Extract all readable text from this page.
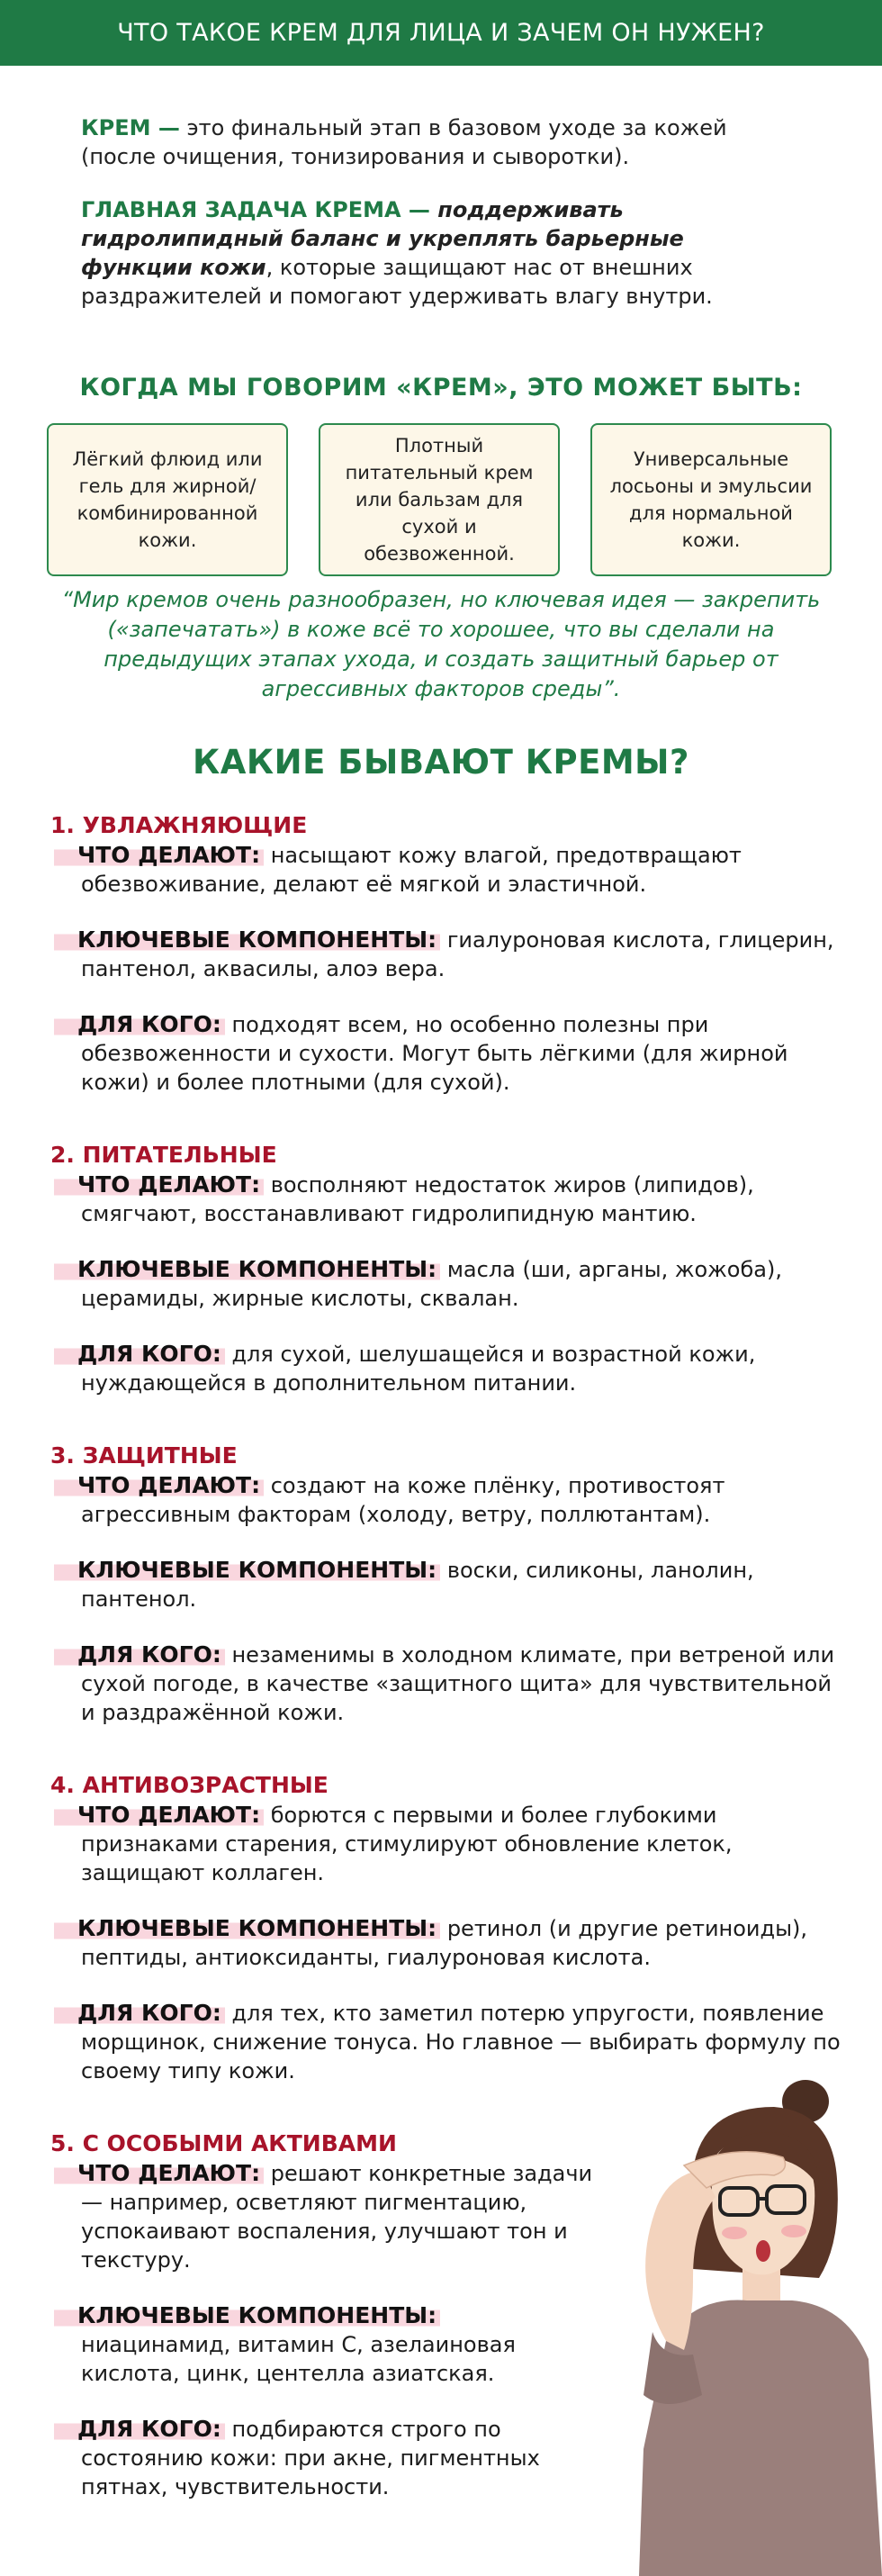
ЧТО ТАКОЕ КРЕМ ДЛЯ ЛИЦА И ЗАЧЕМ ОН НУЖЕН?

КРЕМ — это финальный этап в базовом уходе за кожей (после очищения, тонизирования и сыворотки).

ГЛАВНАЯ ЗАДАЧА КРЕМА — поддерживать гидролипидный баланс и укреплять барьерные функции кожи, которые защищают нас от внешних раздражителей и помогают удерживать влагу внутри.

КОГДА МЫ ГОВОРИМ «КРЕМ», ЭТО МОЖЕТ БЫТЬ:
Лёгкий флюид или гель для жирной/ комбинированной кожи.
Плотный питательный крем или бальзам для сухой и обезвоженной.
Универсальные лосьоны и эмульсии для нормальной кожи.
“Мир кремов очень разнообразен, но ключевая идея — закрепить («запечатать») в коже всё то хорошее, что вы сделали на предыдущих этапах ухода, и создать защитный барьер от агрессивных факторов среды”.
КАКИЕ БЫВАЮТ КРЕМЫ?
1. УВЛАЖНЯЮЩИЕ
ЧТО ДЕЛАЮТ: насыщают кожу влагой, предотвращают обезвоживание, делают её мягкой и эластичной.
КЛЮЧЕВЫЕ КОМПОНЕНТЫ: гиалуроновая кислота, глицерин, пантенол, аквасилы, алоэ вера.
ДЛЯ КОГО: подходят всем, но особенно полезны при обезвоженности и сухости. Могут быть лёгкими (для жирной кожи) и более плотными (для сухой).
2. ПИТАТЕЛЬНЫЕ
ЧТО ДЕЛАЮТ: восполняют недостаток жиров (липидов), смягчают, восстанавливают гидролипидную мантию.
КЛЮЧЕВЫЕ КОМПОНЕНТЫ: масла (ши, арганы, жожоба), церамиды, жирные кислоты, сквалан.
ДЛЯ КОГО: для сухой, шелушащейся и возрастной кожи, нуждающейся в дополнительном питании.
3. ЗАЩИТНЫЕ
ЧТО ДЕЛАЮТ: создают на коже плёнку, противостоят агрессивным факторам (холоду, ветру, поллютантам).
КЛЮЧЕВЫЕ КОМПОНЕНТЫ: воски, силиконы, ланолин, пантенол.
ДЛЯ КОГО: незаменимы в холодном климате, при ветреной или сухой погоде, в качестве «защитного щита» для чувствительной и раздражённой кожи.
4. АНТИВОЗРАСТНЫЕ
ЧТО ДЕЛАЮТ: борются с первыми и более глубокими признаками старения, стимулируют обновление клеток, защищают коллаген.
КЛЮЧЕВЫЕ КОМПОНЕНТЫ: ретинол (и другие ретиноиды), пептиды, антиоксиданты, гиалуроновая кислота.
ДЛЯ КОГО: для тех, кто заметил потерю упругости, появление морщинок, снижение тонуса. Но главное — выбирать формулу по своему типу кожи.
5. С ОСОБЫМИ АКТИВАМИ
ЧТО ДЕЛАЮТ: решают конкретные задачи — например, осветляют пигментацию, успокаивают воспаления, улучшают тон и текстуру.
КЛЮЧЕВЫЕ КОМПОНЕНТЫ:
ниацинамид, витамин С, азелаиновая кислота, цинк, центелла азиатская.
ДЛЯ КОГО: подбираются строго по состоянию кожи: при акне, пигментных пятнах, чувствительности.
